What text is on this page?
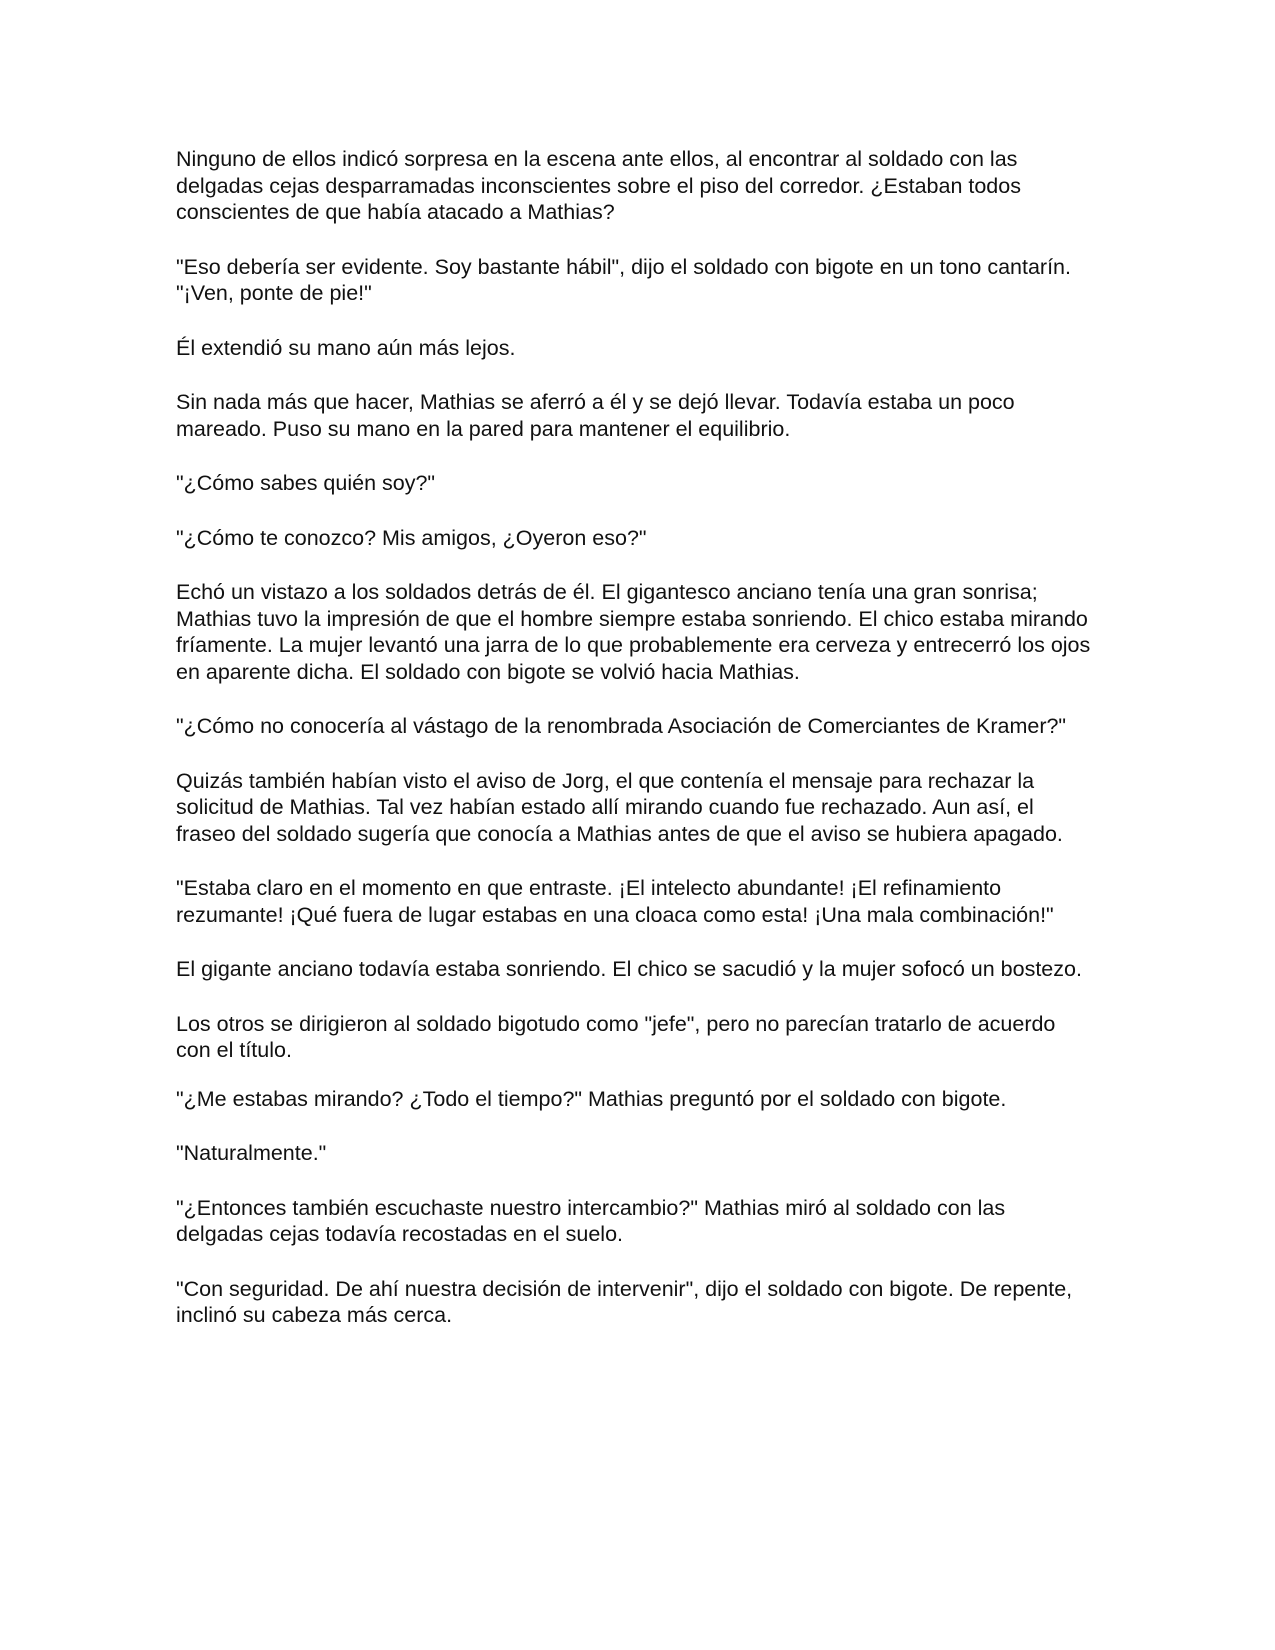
Ninguno de ellos indicó sorpresa en la escena ante ellos, al encontrar al soldado con las delgadas cejas desparramadas inconscientes sobre el piso del corredor. ¿Estaban todos conscientes de que había atacado a Mathias?

"Eso debería ser evidente. Soy bastante hábil", dijo el soldado con bigote en un tono cantarín. "¡Ven, ponte de pie!"

Él extendió su mano aún más lejos.

Sin nada más que hacer, Mathias se aferró a él y se dejó llevar. Todavía estaba un poco mareado. Puso su mano en la pared para mantener el equilibrio.

"¿Cómo sabes quién soy?"

"¿Cómo te conozco? Mis amigos, ¿Oyeron eso?"

Echó un vistazo a los soldados detrás de él. El gigantesco anciano tenía una gran sonrisa; Mathias tuvo la impresión de que el hombre siempre estaba sonriendo. El chico estaba mirando fríamente. La mujer levantó una jarra de lo que probablemente era cerveza y entrecerró los ojos en aparente dicha. El soldado con bigote se volvió hacia Mathias.

"¿Cómo no conocería al vástago de la renombrada Asociación de Comerciantes de Kramer?"

Quizás también habían visto el aviso de Jorg, el que contenía el mensaje para rechazar la solicitud de Mathias. Tal vez habían estado allí mirando cuando fue rechazado. Aun así, el fraseo del soldado sugería que conocía a Mathias antes de que el aviso se hubiera apagado.

"Estaba claro en el momento en que entraste. ¡El intelecto abundante! ¡El refinamiento rezumante! ¡Qué fuera de lugar estabas en una cloaca como esta! ¡Una mala combinación!"

El gigante anciano todavía estaba sonriendo. El chico se sacudió y la mujer sofocó un bostezo.

Los otros se dirigieron al soldado bigotudo como "jefe", pero no parecían tratarlo de acuerdo con el título.

"¿Me estabas mirando? ¿Todo el tiempo?" Mathias preguntó por el soldado con bigote.

"Naturalmente."

"¿Entonces también escuchaste nuestro intercambio?" Mathias miró al soldado con las delgadas cejas todavía recostadas en el suelo.

"Con seguridad. De ahí nuestra decisión de intervenir", dijo el soldado con bigote. De repente, inclinó su cabeza más cerca.
